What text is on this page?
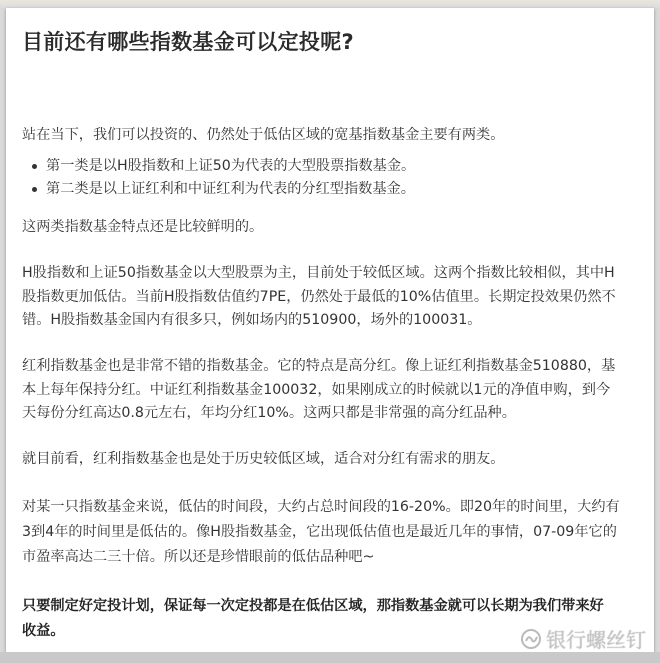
目前还有哪些指数基金可以定投呢?
站在当下，我们可以投资的、仍然处于低估区域的宽基指数基金主要有两类。
第一类是以H股指数和上证50为代表的大型股票指数基金。
第二类是以上证红利和中证红利为代表的分红型指数基金。
这两类指数基金特点还是比较鲜明的。
H股指数和上证50指数基金以大型股票为主，目前处于较低区域。这两个指数比较相似，其中H
股指数更加低估。当前H股指数估值约7PE，仍然处于最低的10%估值里。长期定投效果仍然不
错。H股指数基金国内有很多只，例如场内的510900，场外的100031。
红利指数基金也是非常不错的指数基金。它的特点是高分红。像上证红利指数基金510880，基
本上每年保持分红。中证红利指数基金100032，如果刚成立的时候就以1元的净值申购，到今
天每份分红高达0.8元左右，年均分红10%。这两只都是非常强的高分红品种。
就目前看，红利指数基金也是处于历史较低区域，适合对分红有需求的朋友。
对某一只指数基金来说，低估的时间段，大约占总时间段的16-20%。即20年的时间里，大约有
3到4年的时间里是低估的。像H股指数基金，它出现低估值也是最近几年的事情，07-09年它的
市盈率高达二三十倍。所以还是珍惜眼前的低估品种吧~
只要制定好定投计划，保证每一次定投都是在低估区域，那指数基金就可以长期为我们带来好
收益。	银行螺丝钉
